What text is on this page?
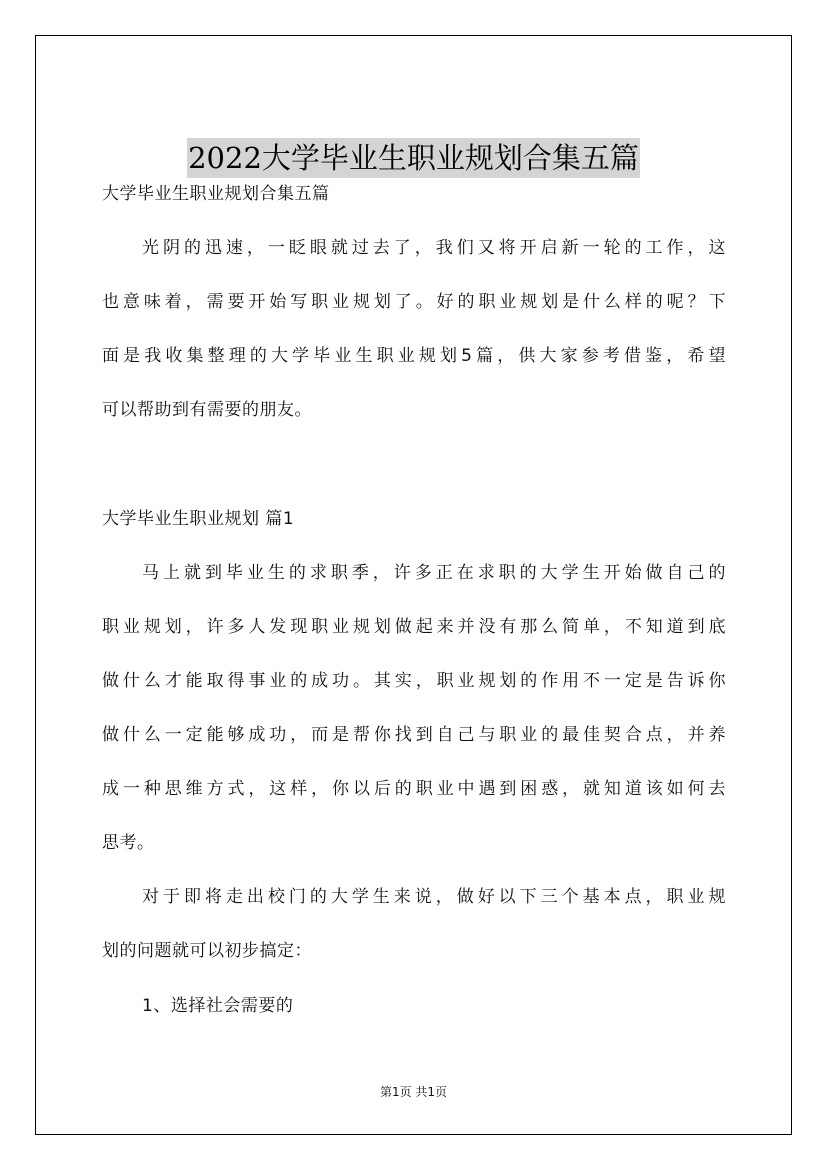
2022大学毕业生职业规划合集五篇
大学毕业生职业规划合集五篇
光阴的迅速，一眨眼就过去了，我们又将开启新一轮的工作，这
也意味着，需要开始写职业规划了。好的职业规划是什么样的呢？下
面是我收集整理的大学毕业生职业规划5篇，供大家参考借鉴，希望
可以帮助到有需要的朋友。
大学毕业生职业规划 篇1
马上就到毕业生的求职季，许多正在求职的大学生开始做自己的
职业规划，许多人发现职业规划做起来并没有那么简单，不知道到底
做什么才能取得事业的成功。其实，职业规划的作用不一定是告诉你
做什么一定能够成功，而是帮你找到自己与职业的最佳契合点，并养
成一种思维方式，这样，你以后的职业中遇到困惑，就知道该如何去
思考。
对于即将走出校门的大学生来说，做好以下三个基本点，职业规
划的问题就可以初步搞定：
1、选择社会需要的
第1页 共1页
